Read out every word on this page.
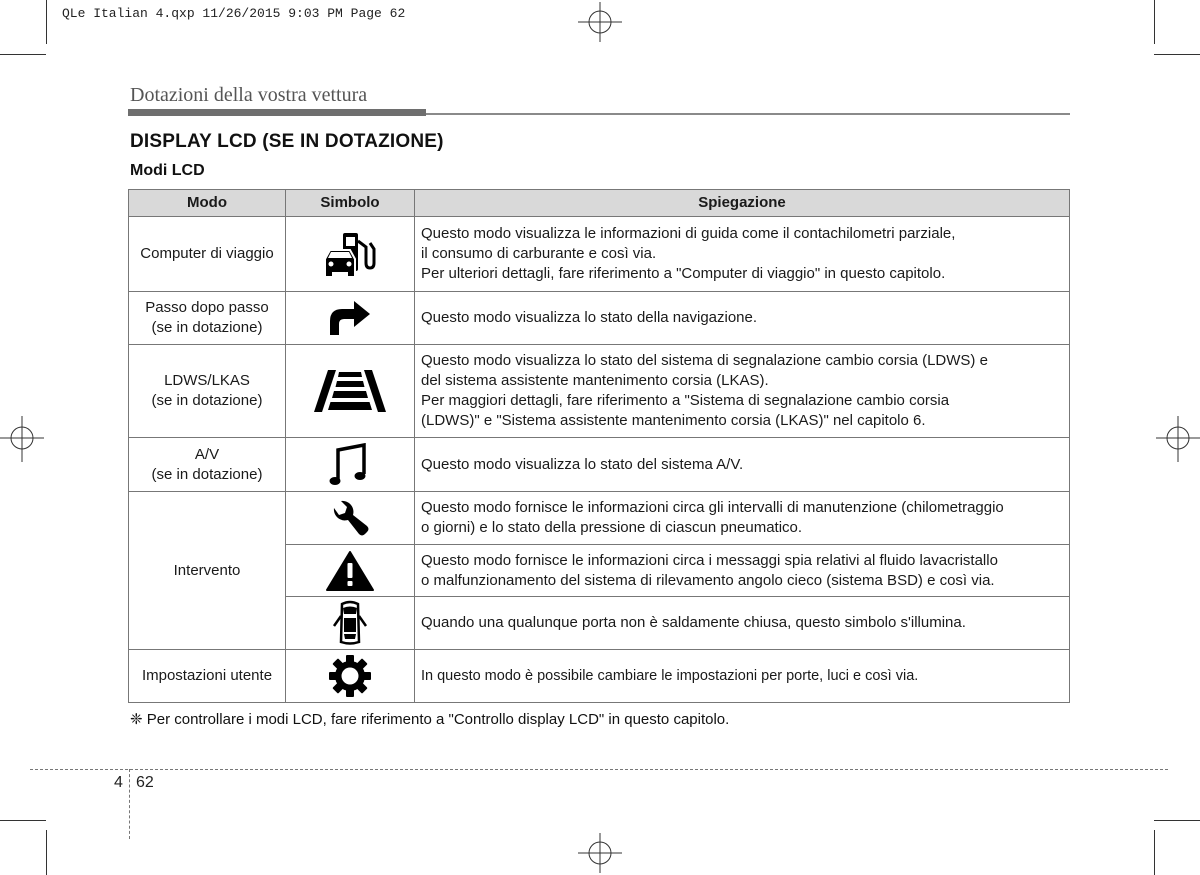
QLe Italian 4.qxp 11/26/2015 9:03 PM Page 62
Dotazioni della vostra vettura
DISPLAY LCD (SE IN DOTAZIONE)
Modi LCD
Modo	Simbolo	Spiegazione
Computer di viaggio		Questo modo visualizza le informazioni di guida come il contachilometri parziale,
il consumo di carburante e così via.
Per ulteriori dettagli, fare riferimento a "Computer di viaggio" in questo capitolo.
Passo dopo passo
(se in dotazione)		Questo modo visualizza lo stato della navigazione.
LDWS/LKAS
(se in dotazione)		Questo modo visualizza lo stato del sistema di segnalazione cambio corsia (LDWS) e
del sistema assistente mantenimento corsia (LKAS).
Per maggiori dettagli, fare riferimento a "Sistema di segnalazione cambio corsia
(LDWS)" e "Sistema assistente mantenimento corsia (LKAS)" nel capitolo 6.
A/V
(se in dotazione)		Questo modo visualizza lo stato del sistema A/V.
Intervento		Questo modo fornisce le informazioni circa gli intervalli di manutenzione (chilometraggio
o giorni) e lo stato della pressione di ciascun pneumatico.

	Questo modo fornisce le informazioni circa i messaggi spia relativi al fluido lavacristallo
o malfunzionamento del sistema di rilevamento angolo cieco (sistema BSD) e così via.

	Quando una qualunque porta non è saldamente chiusa, questo simbolo s'illumina.
Impostazioni utente		In questo modo è possibile cambiare le impostazioni per porte, luci e così via.
❈ Per controllare i modi LCD, fare riferimento a "Controllo display LCD" in questo capitolo.
4 62
